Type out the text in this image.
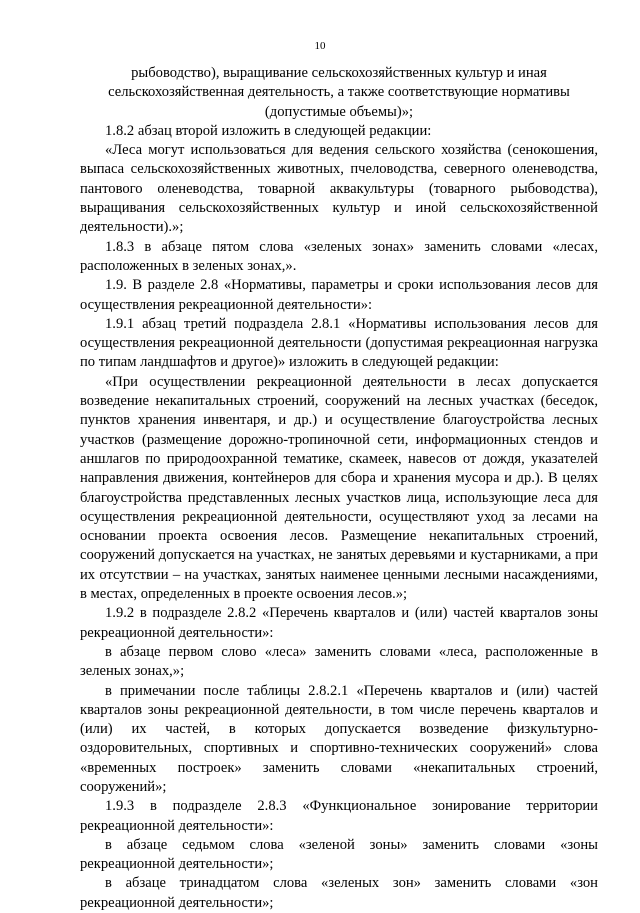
10

рыбоводство), выращивание сельскохозяйственных культур и иная сельскохозяйственная деятельность, а также соответствующие нормативы (допустимые объемы)»;

1.8.2 абзац второй изложить в следующей редакции:

«Леса могут использоваться для ведения сельского хозяйства (сенокошения, выпаса сельскохозяйственных животных, пчеловодства, северного оленеводства, пантового оленеводства, товарной аквакультуры (товарного рыбоводства), выращивания сельскохозяйственных культур и иной сельскохозяйственной деятельности).»;

1.8.3 в абзаце пятом слова «зеленых зонах» заменить словами «лесах, расположенных в зеленых зонах,».

1.9. В разделе 2.8 «Нормативы, параметры и сроки использования лесов для осуществления рекреационной деятельности»:

1.9.1 абзац третий подраздела 2.8.1 «Нормативы использования лесов для осуществления рекреационной деятельности (допустимая рекреационная нагрузка по типам ландшафтов и другое)» изложить в следующей редакции:

«При осуществлении рекреационной деятельности в лесах допускается возведение некапитальных строений, сооружений на лесных участках (беседок, пунктов хранения инвентаря, и др.) и осуществление благоустройства лесных участков (размещение дорожно-тропиночной сети, информационных стендов и аншлагов по природоохранной тематике, скамеек, навесов от дождя, указателей направления движения, контейнеров для сбора и хранения мусора и др.). В целях благоустройства представленных лесных участков лица, использующие леса для осуществления рекреационной деятельности, осуществляют уход за лесами на основании проекта освоения лесов. Размещение некапитальных строений, сооружений допускается на участках, не занятых деревьями и кустарниками, а при их отсутствии – на участках, занятых наименее ценными лесными насаждениями, в местах, определенных в проекте освоения лесов.»;

1.9.2 в подразделе 2.8.2 «Перечень кварталов и (или) частей кварталов зоны рекреационной деятельности»:

в абзаце первом слово «леса» заменить словами «леса, расположенные в зеленых зонах,»;

в примечании после таблицы 2.8.2.1 «Перечень кварталов и (или) частей кварталов зоны рекреационной деятельности, в том числе перечень кварталов и (или) их частей, в которых допускается возведение физкультурно-оздоровительных, спортивных и спортивно-технических сооружений» слова «временных построек» заменить словами «некапитальных строений, сооружений»;

1.9.3 в подразделе 2.8.3 «Функциональное зонирование территории рекреационной деятельности»:

в абзаце седьмом слова «зеленой зоны» заменить словами «зоны рекреационной деятельности»;

в абзаце тринадцатом слова «зеленых зон» заменить словами «зон рекреационной деятельности»;
